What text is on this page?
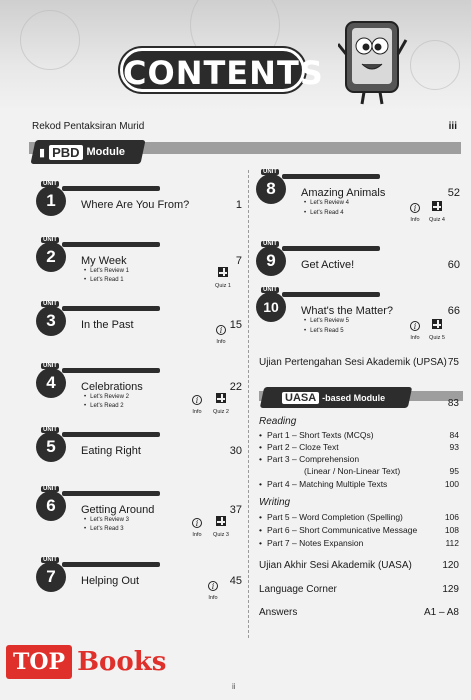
CONTENTS
Rekod Pentaksiran Murid	iii
▮ PBD Module
UNIT
1	Where Are You From?	1
UNIT
2	My Week	7
• Let's Review 1
• Let's Read 1
Quiz 1
UNIT
3	In the Past	15
i
Info
UNIT
4	Celebrations	22
• Let's Review 2
• Let's Read 2
i
Info	Quiz 2
UNIT
5	Eating Right	30
UNIT
6	Getting Around	37
• Let's Review 3
• Let's Read 3
i
Info	Quiz 3
UNIT
7	Helping Out	45
i
Info
UNIT
8	Amazing Animals	52
• Let's Review 4
• Let's Read 4	i
Info	Quiz 4
UNIT
9	Get Active!	60
UNIT
10	What's the Matter?	66
• Let's Review 5
• Let's Read 5	i
Info	Quiz 5
Ujian Pertengahan Sesi Akademik (UPSA) 75
UASA -based Module
83
Reading
• Part 1 – Short Texts (MCQs)	84
• Part 2 – Cloze Text	93
• Part 3 – Comprehension
(Linear / Non-Linear Text)	95
• Part 4 – Matching Multiple Texts	100
Writing
• Part 5 – Word Completion (Spelling)	106
• Part 6 – Short Communicative Message	108
• Part 7 – Notes Expansion	112
Ujian Akhir Sesi Akademik (UASA)	120
Language Corner	129
Answers	A1 – A8
ii
TOP Books
